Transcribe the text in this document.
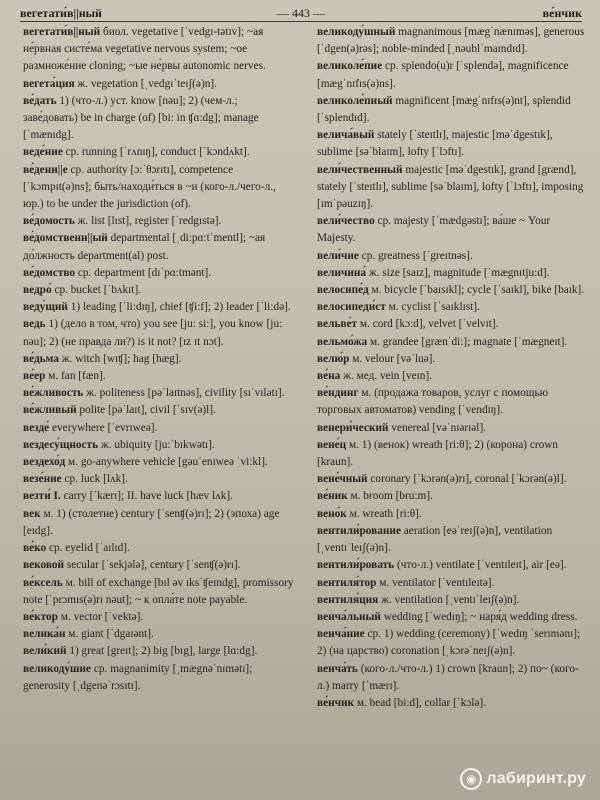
вегетати́в||ный	— 443 —	ве́нчик
вегетати́в||ный биол. vegetative [ˈvedgɪ-tətɪv]; ~ая не́рвная систе́ма vegetative nervous system; ~ое размноже́ние cloning; ~ые не́рвы autonomic nerves.
вегета́ция ж. vegetation [ˌvedgɪˈteɪʃ(ə)n].
ве́дать 1) (что-л.) уст. know [nəu]; 2) (чем-л.; заве́довать) be in charge (of) [bi: in ʧɑ:dg]; manage [ˈmænɪdg].
веде́ние ср. running [ˈrʌnɪŋ], conduct [ˈkɔndʌkt].
ве́дени||е ср. authority [ɔ:ˈθɔrɪtɪ], competence [ˈkɔmpɪt(ə)ns]; быть/находи́ться в ~и (кого-л./чего-л., юр.) to be under the jurisdiction (of).
ве́домость ж. list [lɪst], register [ˈredgɪstə].
ве́домственн||ый departmental [ˌdi:pɑ:tˈmentl]; ~ая до́лжность department(al) post.
ве́домство ср. department [dɪˈpɑ:tmənt].
ведро́ ср. bucket [ˈbʌkɪt].
веду́щий 1) leading [ˈli:dɪŋ], chief [ʧi:f]; 2) leader [ˈli:də].
ведь 1) (дело в том, что) you see [ju: si:], you know [ju: nəu]; 2) (не правда ли?) is it not? [ɪz ɪt nɔt].
ве́дьма ж. witch [wɪʧ]; hag [hæg].
ве́ер м. fan [fæn].
ве́жливость ж. politeness [pəˈlaɪtnəs], civility [sɪˈvɪlətɪ].
ве́жливый polite [pəˈlaɪt], civil [ˈsɪv(ə)l].
везде́ everywhere [ˈevrɪweə].
вездесу́щность ж. ubiquity [ju:ˈbɪkwətɪ].
вездехо́д м. go-anywhere vehicle [gəuˈenɪweə ˈvi:kl].
везе́ние ср. luck [lʌk].
везти́ I. carry [ˈkærɪ]; II. have luck [hæv lʌk].
век м. 1) (столетие) century [ˈsenʧ(ə)rɪ]; 2) (эпоха) age [eɪdg].
ве́ко ср. eyelid [ˈaɪlɪd].
вековой secular [ˈsekjələ], century [ˈsenʧ(ə)rɪ].
ве́ксель м. bill of exchange [bɪl əv ɪksˈʧeɪndg], promissory note [ˈprɔmɪs(ə)rɪ nəut]; ~ к опла́те note payable.
ве́ктор м. vector [ˈvektə].
велика́н м. giant [ˈdgaɪənt].
вели́кий 1) great [greɪt]; 2) big [bɪg], large [lɑ:dg].
великоду́шие ср. magnanimity [ˌmægnəˈnɪmətɪ]; generosity [ˌdgenəˈrɔsɪtɪ].
великоду́шный magnanimous [mægˈnænɪməs], generous [ˈdgen(ə)rəs]; noble-minded [ˌnəublˈmaɪndɪd].
великоле́пие ср. splendo(u)r [ˈsplendə], magnificence [mægˈnɪfɪs(ə)ns].
великоле́пный magnificent [mægˈnɪfɪs(ə)nt], splendid [ˈsplendɪd].
велича́вый stately [ˈsteɪtlɪ], majestic [məˈdgestɪk], sublime [səˈblaɪm], lofty [ˈlɔftɪ].
вели́чественный majestic [məˈdgestɪk], grand [grænd], stately [ˈsteɪtlɪ], sublime [səˈblaɪm], lofty [ˈlɔftɪ], imposing [ɪmˈpəuzɪŋ].
вели́чество ср. majesty [ˈmædgəstɪ]; ва́ше ~ Your Majesty.
вели́чие ср. greatness [ˈgreɪtnəs].
величина́ ж. size [saɪz], magnitude [ˈmægnɪtju:d].
велосипе́д м. bicycle [ˈbaɪsɪkl]; cycle [ˈsaɪkl], bike [baɪk].
велосипеди́ст м. cyclist [ˈsaɪklɪst].
вельве́т м. cord [kɔ:d], velvet [ˈvelvɪt].
вельмо́жа м. grandee [grænˈdi:]; magnate [ˈmægneɪt].
велю́р м. velour [vəˈluə].
ве́на ж. мед. vein [veɪn].
ве́ндинг м. (продажа товаров, услуг с помощью торговых автоматов) vending [ˈvendɪŋ].
венери́ческий venereal [vəˈnɪərɪəl].
вене́ц м. 1) (венок) wreath [ri:θ]; 2) (корона) crown [kraun].
вене́чный coronary [ˈkɔrən(ə)rɪ], coronal [ˈkɔrən(ə)l].
ве́ник м. broom [bru:m].
вено́к м. wreath [ri:θ].
вентили́рование aeration [eəˈreɪʃ(ə)n], ventilation [ˌventɪˈleɪʃ(ə)n].
вентили́ровать (что-л.) ventilate [ˈventɪleɪt], air [eə].
вентиля́тор м. ventilator [ˈventɪleɪtə].
вентиля́ция ж. ventilation [ˌventɪˈleɪʃ(ə)n].
венча́льный wedding [ˈwedɪŋ]; ~ наря́д wedding dress.
венча́ние ср. 1) wedding (ceremony) [ˈwedɪŋ ˈserɪmənɪ]; 2) (на царство) coronation [ˌkɔrəˈneɪʃ(ə)n].
венча́ть (кого-л./что-л.) 1) crown [kraun]; 2) по~ (кого-л.) marry [ˈmærɪ].
ве́нчик м. bead [bi:d], collar [ˈkɔlə].
◉ лабиринт.ру
